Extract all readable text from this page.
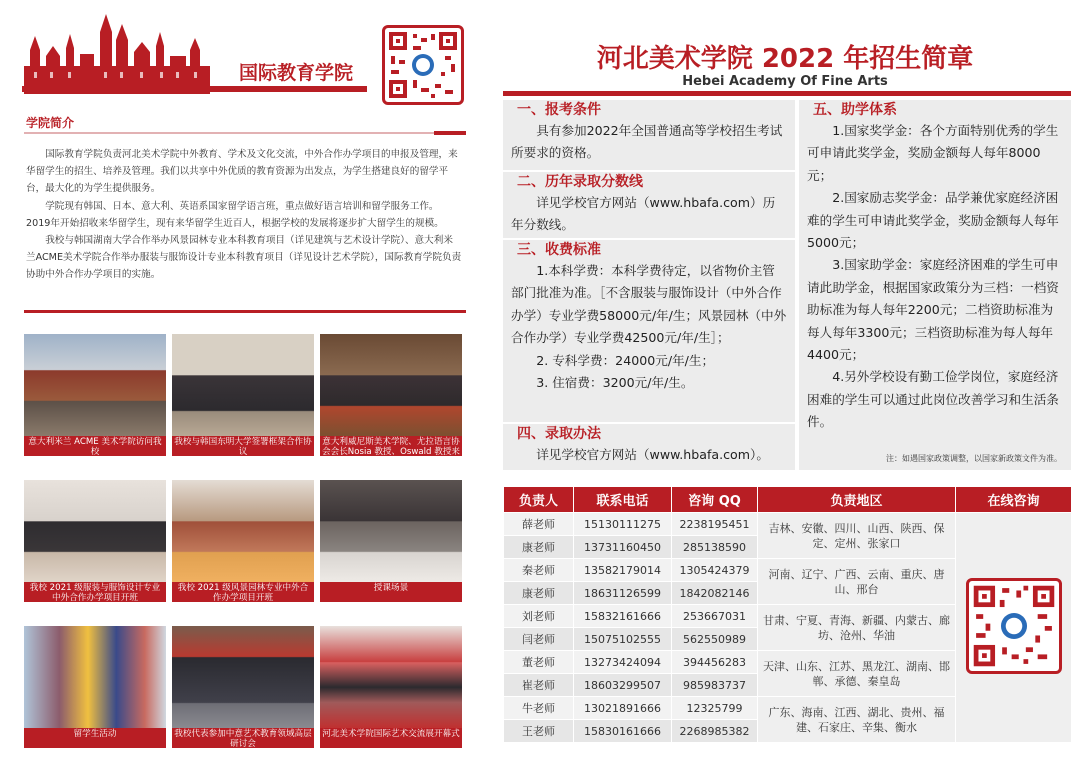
国际教育学院
学院简介

国际教育学院负责河北美术学院中外教育、学术及文化交流，中外合作办学项目的申报及管理，来华留学生的招生、培养及管理。我们以共享中外优质的教育资源为出发点，为学生搭建良好的留学平台，最大化的为学生提供服务。

学院现有韩国、日本、意大利、英语系国家留学语言班，重点做好语言培训和留学服务工作。2019年开始招收来华留学生，现有来华留学生近百人，根据学校的发展将逐步扩大留学生的规模。

我校与韩国湖南大学合作举办风景园林专业本科教育项目（详见建筑与艺术设计学院）、意大利米兰ACME美术学院合作举办服装与服饰设计专业本科教育项目（详见设计艺术学院），国际教育学院负责协助中外合作办学项目的实施。

意大利米兰 ACME 美术学院访问我校
我校与韩国东明大学签署框架合作协议
意大利威尼斯美术学院、尤拉语言协会会长Nosia 教授、Oswald 教授来访
我校 2021 级服装与服饰设计专业中外合作办学项目开班
我校 2021 级风景园林专业中外合作办学项目开班
授课场景
留学生活动	我校代表参加中意艺术教育领域高层研讨会
河北美术学院国际艺术交流展开幕式
河北美术学院 2022 年招生简章
Hebei Academy Of Fine Arts
一、报考条件
具有参加2022年全国普通高等学校招生考试所要求的资格。
二、历年录取分数线
详见学校官方网站（www.hbafa.com）历年分数线。
三、收费标准
1.本科学费：本科学费待定，以省物价主管部门批准为准。［不含服装与服饰设计（中外合作办学）专业学费58000元/年/生；风景园林（中外合作办学）专业学费42500元/年/生］；
2. 专科学费：24000元/年/生；
3. 住宿费：3200元/年/生。
四、录取办法
详见学校官方网站（www.hbafa.com）。
五、助学体系
1.国家奖学金：各个方面特别优秀的学生可申请此奖学金，奖励金额每人每年8000元；
2.国家励志奖学金：品学兼优家庭经济困难的学生可申请此奖学金，奖励金额每人每年5000元；
3.国家助学金：家庭经济困难的学生可申请此助学金，根据国家政策分为三档：一档资助标准为每人每年2200元；二档资助标准为每人每年3300元；三档资助标准为每人每年4400元；
4.另外学校设有勤工俭学岗位，家庭经济困难的学生可以通过此岗位改善学习和生活条件。
注：如遇国家政策调整，以国家新政策文件为准。
负责人	联系电话	咨询 QQ	负责地区	在线咨询
薛老师	15130111275	2238195451	吉林、安徽、四川、山西、陕西、保定、定州、张家口	
康老师	13731160450	285138590		
秦老师	13582179014	1305424379	河南、辽宁、广西、云南、重庆、唐山、邢台	
康老师	18631126599	1842082146		
刘老师	15832161666	253667031	甘肃、宁夏、青海、新疆、内蒙古、廊坊、沧州、华油	
闫老师	15075102555	562550989		
董老师	13273424094	394456283	天津、山东、江苏、黑龙江、湖南、邯郸、承德、秦皇岛	
崔老师	18603299507	985983737		
牛老师	13021891666	12325799	广东、海南、江西、湖北、贵州、福建、石家庄、辛集、衡水	
王老师	15830161666	2268985382		
